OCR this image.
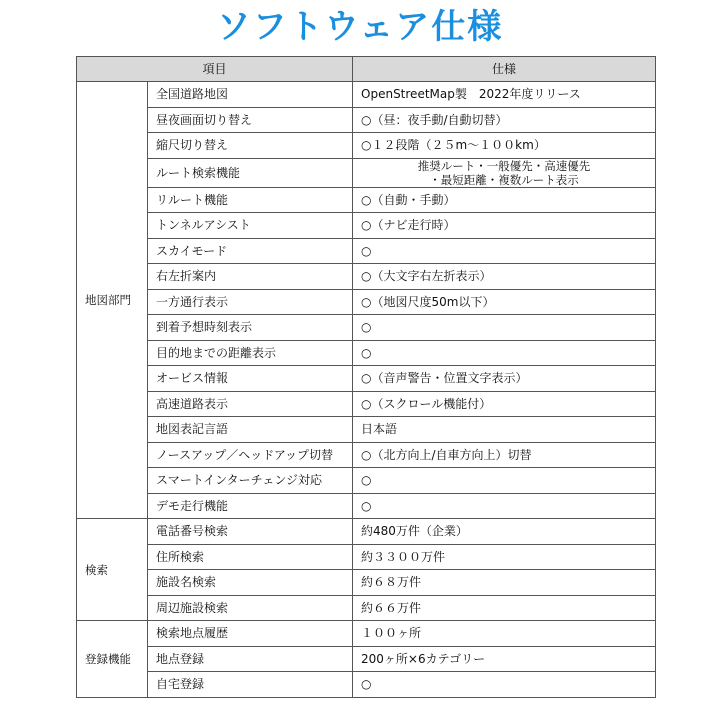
ソフトウェア仕様
項目		仕様
地図部門	全国道路地図	OpenStreetMap製　2022年度リリース
	昼夜画面切り替え	○（昼：夜手動/自動切替）
	縮尺切り替え	○１２段階（２５m～１００km）
	ルート検索機能	推奨ルート・一般優先・高速優先
・最短距離・複数ルート表示

	リルート機能	○（自動・手動）
	トンネルアシスト	○（ナビ走行時）
	スカイモード	○
	右左折案内	○（大文字右左折表示）
	一方通行表示	○（地図尺度50m以下）
	到着予想時刻表示	○
	目的地までの距離表示	○
	オービス情報	○（音声警告・位置文字表示）
	高速道路表示	○（スクロール機能付）
	地図表記言語	日本語
	ノースアップ／ヘッドアップ切替	○（北方向上/自車方向上）切替
	スマートインターチェンジ対応	○
	デモ走行機能	○
検索	電話番号検索	約480万件（企業）
	住所検索	約３３００万件
	施設名検索	約６８万件
	周辺施設検索	約６６万件
登録機能	検索地点履歴	１００ヶ所
	地点登録	200ヶ所×6カテゴリー
	自宅登録	○
